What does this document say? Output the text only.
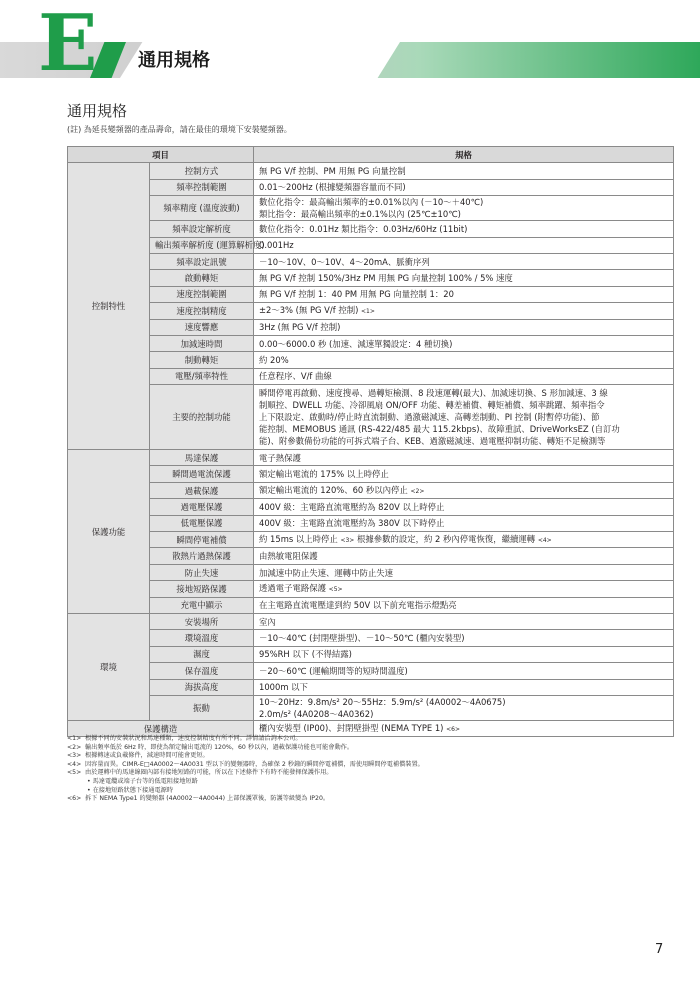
E 通用規格
通用規格
(註) 為延長變頻器的產品壽命，請在最佳的環境下安裝變頻器。
項目		規格
控制特性	控制方式	無 PG V/f 控制、PM 用無 PG 向量控制
	頻率控制範圍	0.01～200Hz (根據變頻器容量而不同)
	頻率精度 (溫度波動)	數位化指令：最高輸出頻率的±0.01%以內 (－10～＋40℃)
類比指令：最高輸出頻率的±0.1%以內 (25℃±10℃)

	頻率設定解析度	數位化指令：0.01Hz 類比指令：0.03Hz/60Hz (11bit)
	輸出頻率解析度 (運算解析度)	0.001Hz
	頻率設定訊號	－10～10V、0～10V、4～20mA、脈衝序列
	啟動轉矩	無 PG V/f 控制 150%/3Hz PM 用無 PG 向量控制 100% / 5% 速度
	速度控制範圍	無 PG V/f 控制 1：40 PM 用無 PG 向量控制 1：20
	速度控制精度	±2～3% (無 PG V/f 控制) <1>
	速度響應	3Hz (無 PG V/f 控制)
	加減速時間	0.00～6000.0 秒 (加速、減速單獨設定：4 種切換)
	制動轉矩	約 20%
	電壓/頻率特性	任意程序、V/f 曲線
	主要的控制功能	瞬間停電再啟動、速度搜尋、過轉矩檢測、8 段速運轉(最大)、加減速切換、S 形加減速、3 線
制順控、DWELL 功能、冷卻風扇 ON/OFF 功能、轉差補償、轉矩補償、頻率跳躍、頻率指令
上下限設定、啟動時/停止時直流制動、過激磁減速、高轉差制動、PI 控制 (附暫停功能)、節
能控制、MEMOBUS 通訊 (RS-422/485 最大 115.2kbps)、故障重試、DriveWorksEZ (自訂功
能)、附參數備份功能的可拆式端子台、KEB、過激磁減速、過電壓抑制功能、轉矩不足檢測等

保護功能	馬達保護	電子熱保護
	瞬間過電流保護	額定輸出電流的 175% 以上時停止
	過載保護	額定輸出電流的 120%、60 秒以內停止 <2>
	過電壓保護	400V 級：主電路直流電壓約為 820V 以上時停止
	低電壓保護	400V 級：主電路直流電壓約為 380V 以下時停止
	瞬間停電補償	約 15ms 以上時停止 <3> 根據參數的設定，約 2 秒內停電恢復，繼續運轉 <4>
	散熱片過熱保護	由熱敏電阻保護
	防止失速	加減速中防止失速、運轉中防止失速
	接地短路保護	透過電子電路保護 <5>
	充電中顯示	在主電路直流電壓達到約 50V 以下前充電指示燈點亮
環境	安裝場所	室內
	環境溫度	－10～40℃ (封閉壁掛型)、－10～50℃ (櫃內安裝型)
	濕度	95%RH 以下 (不得結露)
	保存溫度	－20～60℃ (運輸期間等的短時間溫度)
	海拔高度	1000m 以下
	振動	10～20Hz：9.8m/s² 20～55Hz：5.9m/s² (4A0002～4A0675)
2.0m/s² (4A0208～4A0362)

保護構造		櫃內安裝型 (IP00)、封閉壁掛型 (NEMA TYPE 1) <6>
<1> 根據不同的安裝狀況和馬達種類，速度控制精度有所不同。詳情請洽詢本公司。
<2> 輸出頻率低於 6Hz 時，即使為額定輸出電流的 120%，60 秒以內，過載保護功能也可能會動作。
<3> 根據轉速或負載條件，減速時間可能會更短。
<4> 因容量而異。CIMR-E□4A0002～4A0031 型以下的變頻器時，為確保 2 秒鐘的瞬間停電補償，需使用瞬間停電補償裝置。
<5> 由於運轉中的馬達線圈內部有接地短路的可能，所以在下述條件下有時不能發揮保護作用。
• 馬達電纜或端子台等的低電阻接地短路
• 在接地短路狀態下接通電源時
<6> 拆下 NEMA Type1 的變頻器 (4A0002～4A0044) 上部保護罩後，防護等級變為 IP20。
7
